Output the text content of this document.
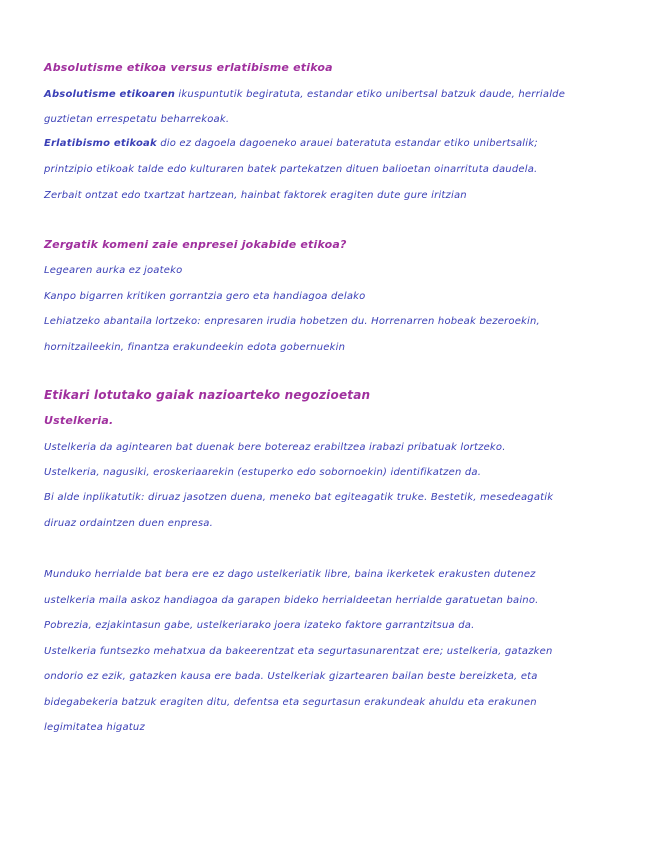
Absolutisme etikoa versus erlatibisme etikoa
Absolutisme etikoaren ikuspuntutik begiratuta, estandar etiko unibertsal batzuk daude, herrialde
guztietan errespetatu beharrekoak.
Erlatibismo etikoak dio ez dagoela dagoeneko arauei bateratuta estandar etiko unibertsalik;
printzipio etikoak talde edo kulturaren batek partekatzen dituen balioetan oinarrituta daudela.
Zerbait ontzat edo txartzat hartzean, hainbat faktorek eragiten dute gure iritzian
Zergatik komeni zaie enpresei jokabide etikoa?
Legearen aurka ez joateko
Kanpo bigarren kritiken gorrantzia gero eta handiagoa delako
Lehiatzeko abantaila lortzeko: enpresaren irudia hobetzen du. Horrenarren hobeak bezeroekin,
hornitzaileekin, finantza erakundeekin edota gobernuekin
Etikari lotutako gaiak nazioarteko negozioetan
Ustelkeria.
Ustelkeria da agintearen bat duenak bere botereaz erabiltzea irabazi pribatuak lortzeko.
Ustelkeria, nagusiki, eroskeriaarekin (estuperko edo sobornoekin) identifikatzen da.
Bi alde inplikatutik: diruaz jasotzen duena, meneko bat egiteagatik truke. Bestetik, mesedeagatik
diruaz ordaintzen duen enpresa.
Munduko herrialde bat bera ere ez dago ustelkeriatik libre, baina ikerketek erakusten dutenez
ustelkeria maila askoz handiagoa da garapen bideko herrialdeetan herrialde garatuetan baino.
Pobrezia, ezjakintasun gabe, ustelkeriarako joera izateko faktore garrantzitsua da.
Ustelkeria funtsezko mehatxua da bakeerentzat eta segurtasunarentzat ere; ustelkeria, gatazken
ondorio ez ezik, gatazken kausa ere bada. Ustelkeriak gizartearen bailan beste bereizketa, eta
bidegabekeria batzuk eragiten ditu, defentsa eta segurtasun erakundeak ahuldu eta erakunen
legimitatea higatuz
